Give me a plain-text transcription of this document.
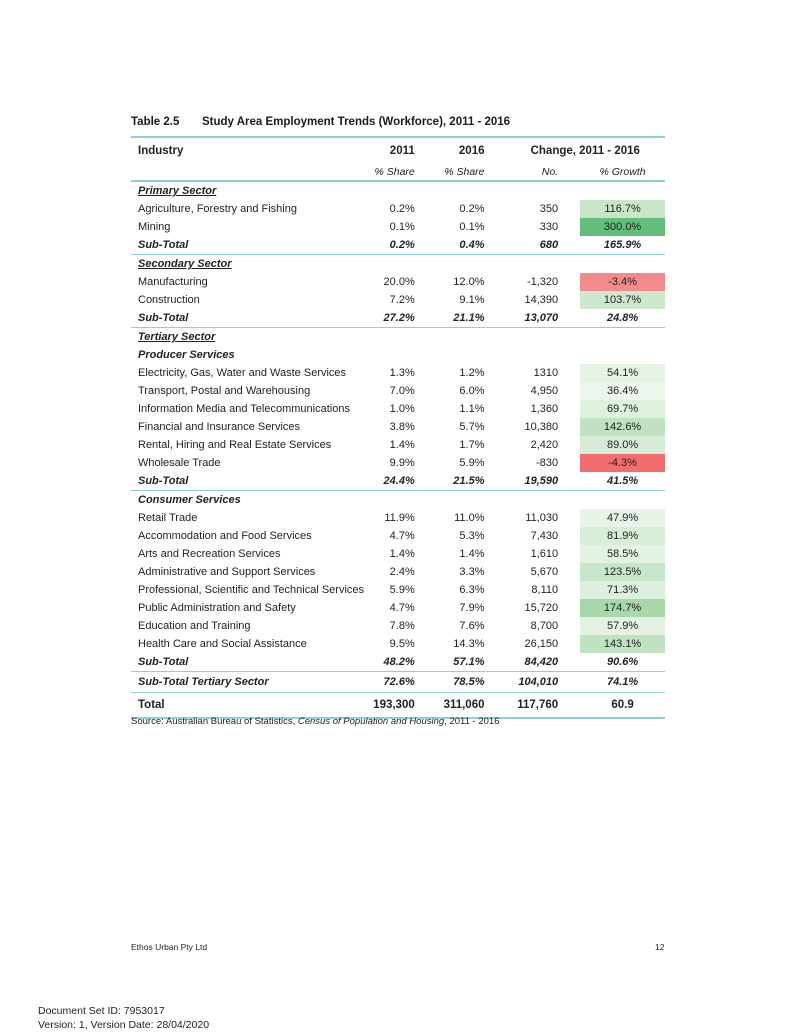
Table 2.5 Study Area Employment Trends (Workforce), 2011 - 2016
Industry	2011	2016	Change, 2011 - 2016	
	% Share	% Share	No.	% Growth
Primary Sector				
Agriculture, Forestry and Fishing	0.2%	0.2%	350	116.7%
Mining	0.1%	0.1%	330	300.0%
Sub-Total	0.2%	0.4%	680	165.9%
Secondary Sector				
Manufacturing	20.0%	12.0%	-1,320	-3.4%
Construction	7.2%	9.1%	14,390	103.7%
Sub-Total	27.2%	21.1%	13,070	24.8%
Tertiary Sector				
Producer Services				
Electricity, Gas, Water and Waste Services	1.3%	1.2%	1310	54.1%
Transport, Postal and Warehousing	7.0%	6.0%	4,950	36.4%
Information Media and Telecommunications	1.0%	1.1%	1,360	69.7%
Financial and Insurance Services	3.8%	5.7%	10,380	142.6%
Rental, Hiring and Real Estate Services	1.4%	1.7%	2,420	89.0%
Wholesale Trade	9.9%	5.9%	-830	-4.3%
Sub-Total	24.4%	21.5%	19,590	41.5%
Consumer Services				
Retail Trade	11.9%	11.0%	11,030	47.9%
Accommodation and Food Services	4.7%	5.3%	7,430	81.9%
Arts and Recreation Services	1.4%	1.4%	1,610	58.5%
Administrative and Support Services	2.4%	3.3%	5,670	123.5%
Professional, Scientific and Technical Services	5.9%	6.3%	8,110	71.3%
Public Administration and Safety	4.7%	7.9%	15,720	174.7%
Education and Training	7.8%	7.6%	8,700	57.9%
Health Care and Social Assistance	9.5%	14.3%	26,150	143.1%
Sub-Total	48.2%	57.1%	84,420	90.6%
Sub-Total Tertiary Sector	72.6%	78.5%	104,010	74.1%
Total	193,300	311,060	117,760	60.9
Source: Australian Bureau of Statistics, Census of Population and Housing, 2011 - 2016
Ethos Urban Pty Ltd	12
Document Set ID: 7953017
Version: 1, Version Date: 28/04/2020
